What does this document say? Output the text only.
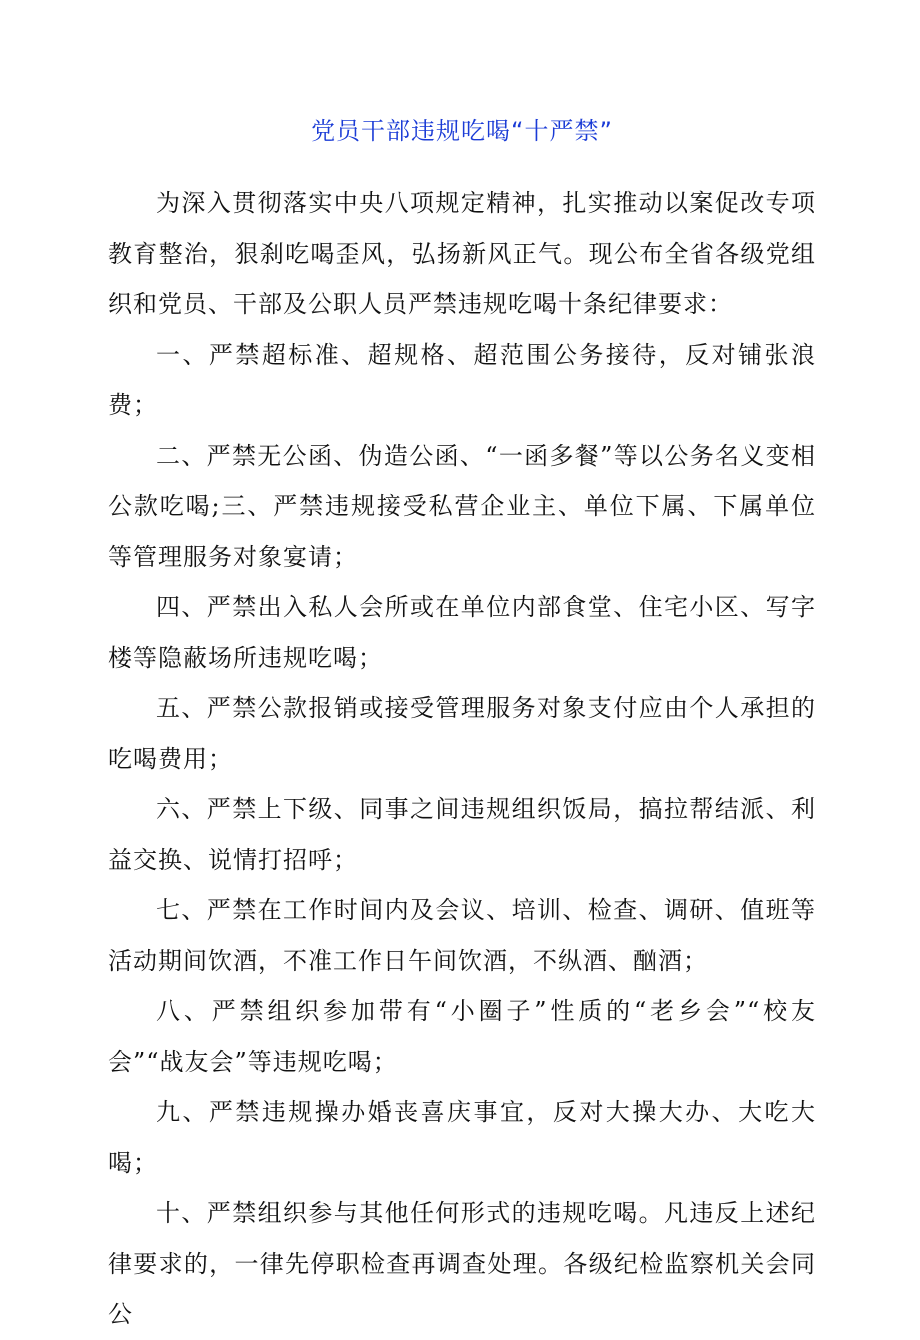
党员干部违规吃喝“十严禁”

为深入贯彻落实中央八项规定精神，扎实推动以案促改专项教育整治，狠刹吃喝歪风，弘扬新风正气。现公布全省各级党组织和党员、干部及公职人员严禁违规吃喝十条纪律要求：

一、严禁超标准、超规格、超范围公务接待，反对铺张浪费；

二、严禁无公函、伪造公函、“一函多餐”等以公务名义变相公款吃喝;三、严禁违规接受私营企业主、单位下属、下属单位等管理服务对象宴请；

四、严禁出入私人会所或在单位内部食堂、住宅小区、写字楼等隐蔽场所违规吃喝；

五、严禁公款报销或接受管理服务对象支付应由个人承担的吃喝费用；

六、严禁上下级、同事之间违规组织饭局，搞拉帮结派、利益交换、说情打招呼；

七、严禁在工作时间内及会议、培训、检查、调研、值班等活动期间饮酒，不准工作日午间饮酒，不纵酒、酗酒；

八、严禁组织参加带有“小圈子”性质的“老乡会”“校友会”“战友会”等违规吃喝；

九、严禁违规操办婚丧喜庆事宜，反对大操大办、大吃大喝；

十、严禁组织参与其他任何形式的违规吃喝。凡违反上述纪律要求的，一律先停职检查再调查处理。各级纪检监察机关会同公
